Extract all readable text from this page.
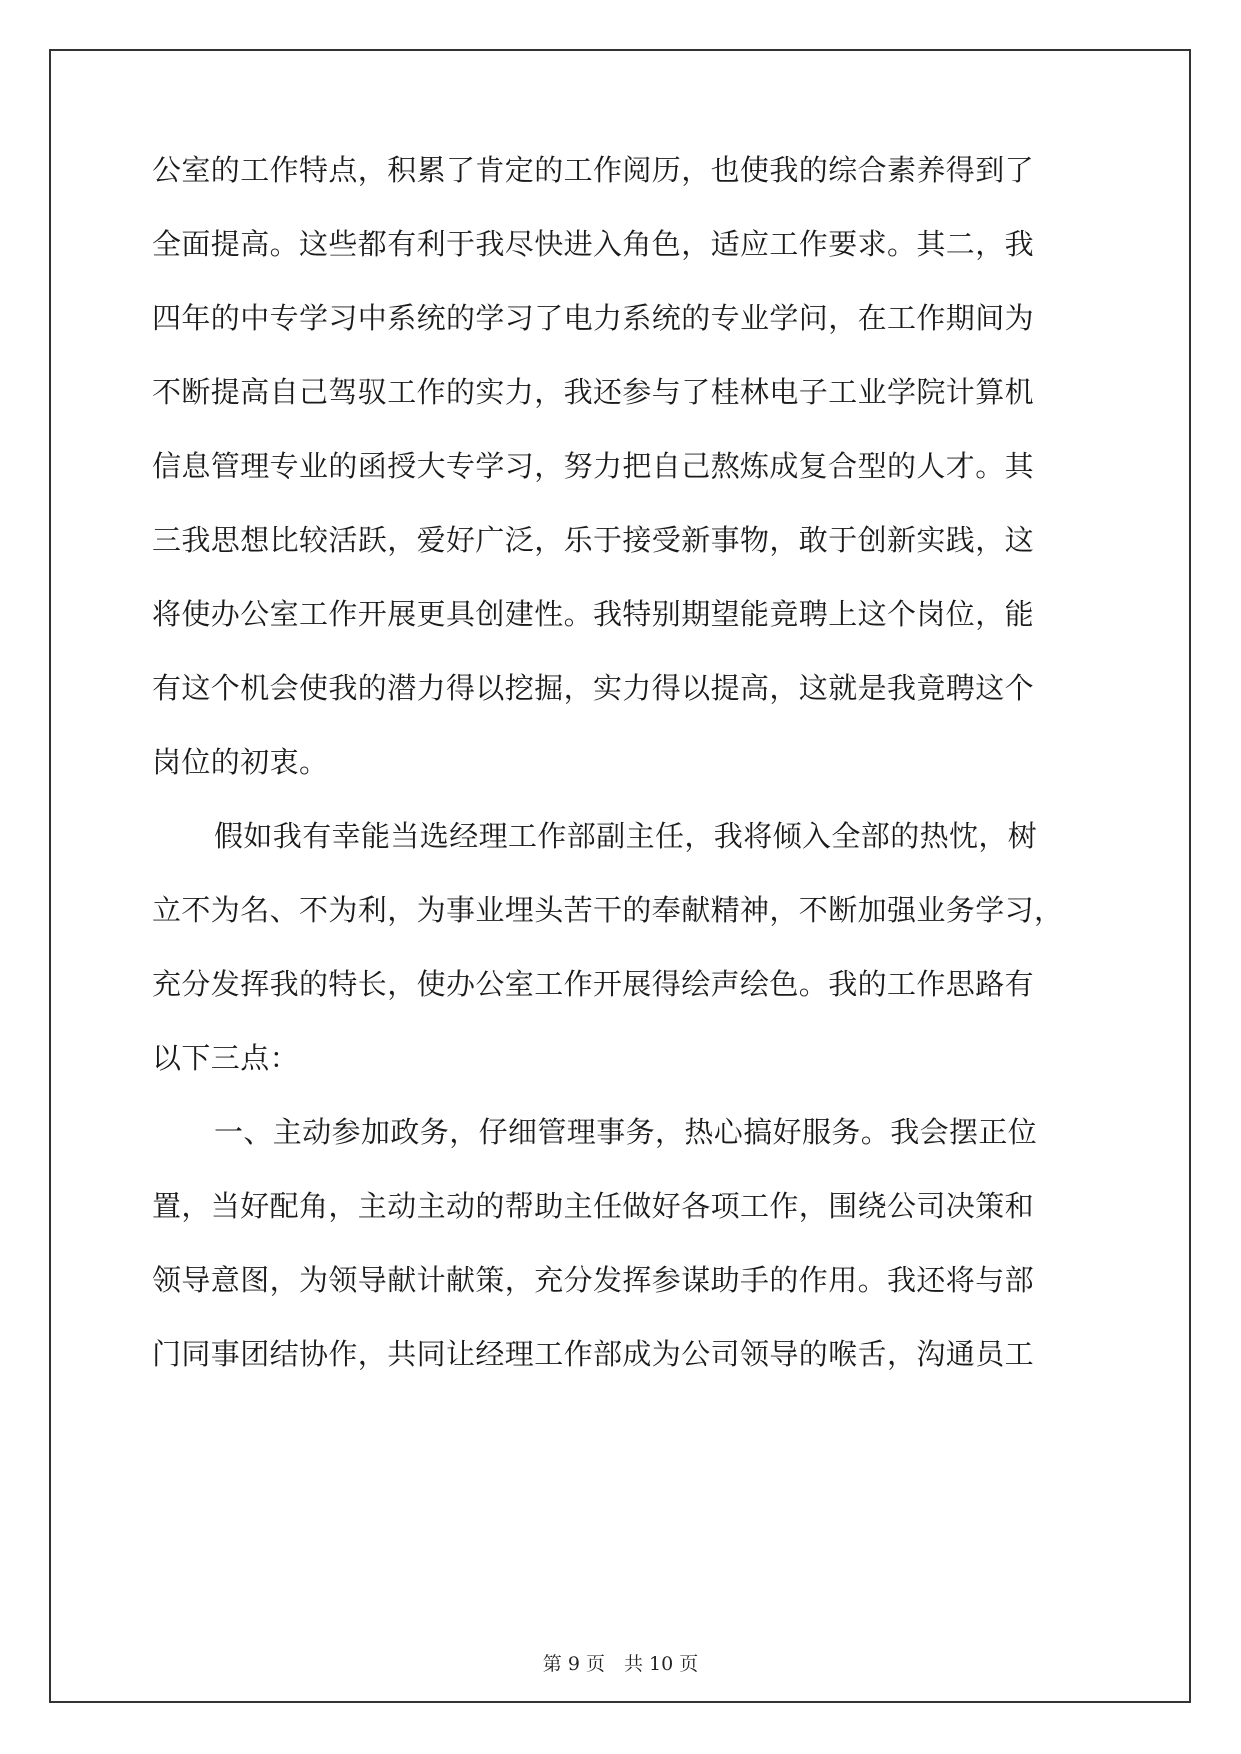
公室的工作特点，积累了肯定的工作阅历，也使我的综合素养得到了
全面提高。这些都有利于我尽快进入角色，适应工作要求。其二，我
四年的中专学习中系统的学习了电力系统的专业学问，在工作期间为
不断提高自己驾驭工作的实力，我还参与了桂林电子工业学院计算机
信息管理专业的函授大专学习，努力把自己熬炼成复合型的人才。其
三我思想比较活跃，爱好广泛，乐于接受新事物，敢于创新实践，这
将使办公室工作开展更具创建性。我特别期望能竟聘上这个岗位，能
有这个机会使我的潜力得以挖掘，实力得以提高，这就是我竟聘这个
岗位的初衷。
假如我有幸能当选经理工作部副主任，我将倾入全部的热忱，树
立不为名、不为利，为事业埋头苦干的奉献精神，不断加强业务学习，
充分发挥我的特长，使办公室工作开展得绘声绘色。我的工作思路有
以下三点：
一、主动参加政务，仔细管理事务，热心搞好服务。我会摆正位
置，当好配角，主动主动的帮助主任做好各项工作，围绕公司决策和
领导意图，为领导献计献策，充分发挥参谋助手的作用。我还将与部
门同事团结协作，共同让经理工作部成为公司领导的喉舌，沟通员工
第 9 页　共 10 页
